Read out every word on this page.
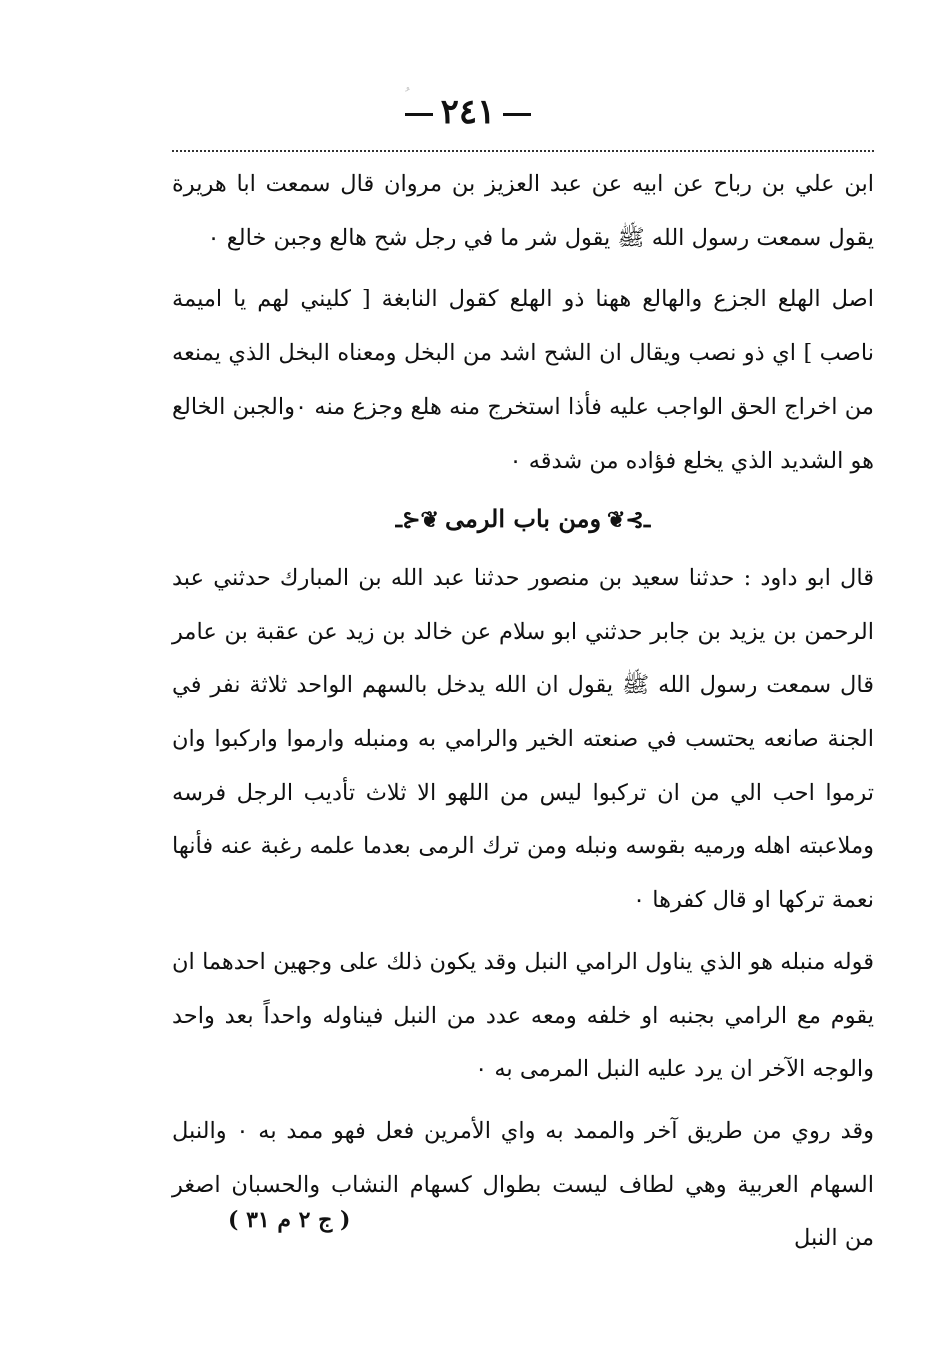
ﹸ ٢٤١

ابن علي بن رباح عن ابيه عن عبد العزيز بن مروان قال سمعت ابا هريرة يقول سمعت رسول الله ﷺ يقول شر ما في رجل شح هالع وجبن خالع ٠

اصل الهلع الجزع والهالع ههنا ذو الهلع كقول النابغة [ كليني لهم يا اميمة ناصب ] اي ذو نصب ويقال ان الشح اشد من البخل ومعناه البخل الذي يمنعه من اخراج الحق الواجب عليه فأذا استخرج منه هلع وجزع منه ٠والجبن الخالع هو الشديد الذي يخلع فؤاده من شدقه ٠

ـ⊱❦ومن باب الرمى❦⊰ـ

قال ابو داود : حدثنا سعيد بن منصور حدثنا عبد الله بن المبارك حدثني عبد الرحمن بن يزيد بن جابر حدثني ابو سلام عن خالد بن زيد عن عقبة بن عامر قال سمعت رسول الله ﷺ يقول ان الله يدخل بالسهم الواحد ثلاثة نفر في الجنة صانعه يحتسب في صنعته الخير والرامي به ومنبله وارموا واركبوا وان ترموا احب الي من ان تركبوا ليس من اللهو الا ثلاث تأديب الرجل فرسه وملاعبته اهله ورميه بقوسه ونبله ومن ترك الرمى بعدما علمه رغبة عنه فأنها نعمة تركها او قال كفرها ٠

قوله منبله هو الذي يناول الرامي النبل وقد يكون ذلك على وجهين احدهما ان يقوم مع الرامي بجنبه او خلفه ومعه عدد من النبل فيناوله واحداً بعد واحد والوجه الآخر ان يرد عليه النبل المرمى به ٠

وقد روي من طريق آخر والممد به واي الأمرين فعل فهو ممد به ٠ والنبل السهام العربية وهي لطاف ليست بطوال كسهام النشاب والحسبان اصغر من النبل

( ج ٢ م ٣١ )
